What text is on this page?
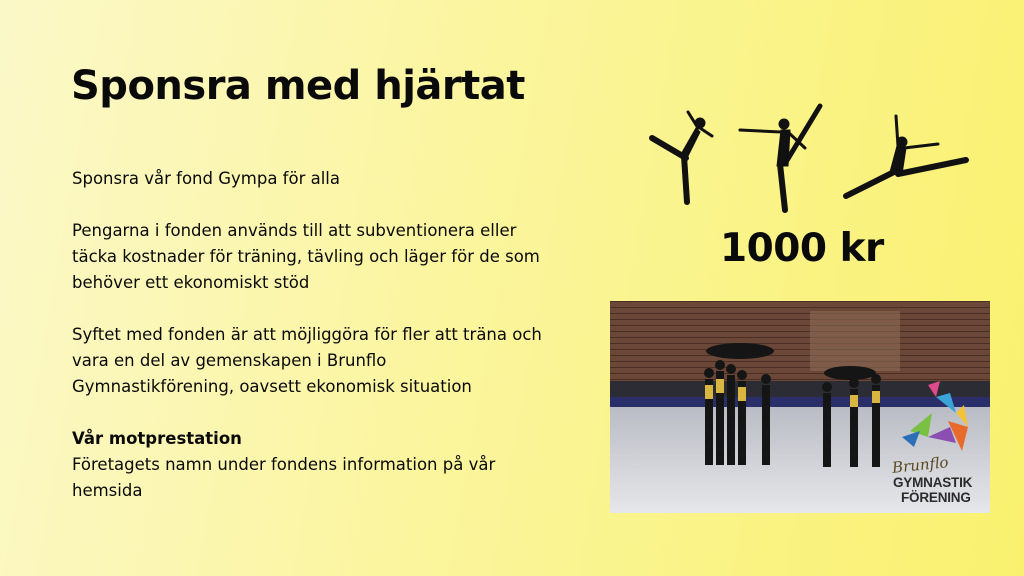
Sponsra med hjärtat

Sponsra vår fond Gympa för alla

Pengarna i fonden används till att subventionera eller täcka kostnader för träning, tävling och läger för de som behöver ett ekonomiskt stöd

Syftet med fonden är att möjliggöra för fler att träna och vara en del av gemenskapen i Brunflo Gymnastikförening, oavsett ekonomisk situation

Vår motprestation

Företagets namn under fondens information på vår hemsida

1000 kr
Brunflo
GYMNASTIK
FÖRENING
